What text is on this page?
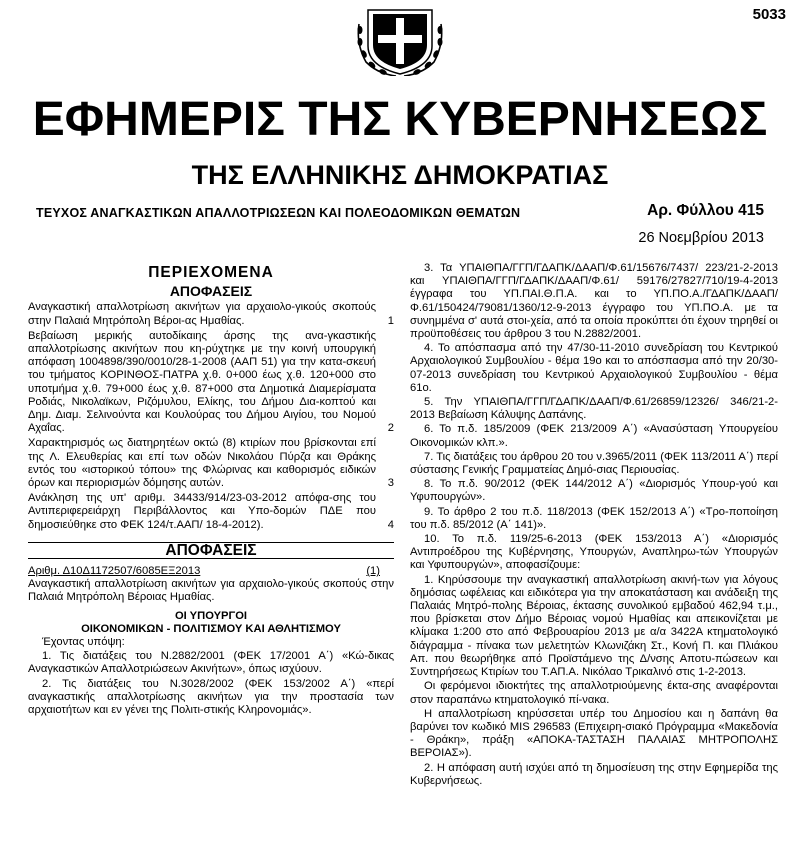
5033
ΕΦΗΜΕΡΙΣ ΤΗΣ ΚΥΒΕΡΝΗΣΕΩΣ
ΤΗΣ ΕΛΛΗΝΙΚΗΣ ΔΗΜΟΚΡΑΤΙΑΣ
ΤΕΥΧΟΣ ΑΝΑΓΚΑΣΤΙΚΩΝ ΑΠΑΛΛΟΤΡΙΩΣΕΩΝ ΚΑΙ ΠΟΛΕΟΔΟΜΙΚΩΝ ΘΕΜΑΤΩΝ	Αρ. Φύλλου 415
26 Νοεμβρίου 2013
ΠΕΡΙΕΧΟΜΕΝΑ
ΑΠΟΦΑΣΕΙΣ
Αναγκαστική απαλλοτρίωση ακινήτων για αρχαιολο-γικούς σκοπούς στην Παλαιά Μητρόπολη Βέροι-ας Ημαθίας.	1
Βεβαίωση μερικής αυτοδίκαιης άρσης της ανα-γκαστικής απαλλοτρίωσης ακινήτων που κη-ρύχτηκε με την κοινή υπουργική απόφαση 1004898/390/0010/28-1-2008 (ΑΑΠ 51) για την κατα-σκευή του τμήματος ΚΟΡΙΝΘΟΣ-ΠΑΤΡΑ χ.θ. 0+000 έως χ.θ. 120+000 στο υποτμήμα χ.θ. 79+000 έως χ.θ. 87+000 στα Δημοτικά Διαμερίσματα Ροδιάς, Νικολαϊκων, Ριζόμυλου, Ελίκης, του Δήμου Δια-κοπτού και Δημ. Διαμ. Σελινούντα και Κουλούρας του Δήμου Αιγίου, του Νομού Αχαΐας.	2
Χαρακτηρισμός ως διατηρητέων οκτώ (8) κτιρίων που βρίσκονται επί της Λ. Ελευθερίας και επί των οδών Νικολάου Πύρζα και Θράκης εντός του «ιστορικού τόπου» της Φλώρινας και καθορισμός ειδικών όρων και περιορισμών δόμησης αυτών.	3
Ανάκληση της υπ' αριθμ. 34433/914/23-03-2012 απόφα-σης του Αντιπεριφερειάρχη Περιβάλλοντος και Υπο-δομών ΠΔΕ που δημοσιεύθηκε στο ΦΕΚ 124/τ.ΑΑΠ/ 18-4-2012).	4
ΑΠΟΦΑΣΕΙΣ
Αριθμ. Δ10Δ1172507/6085ΕΞ2013	(1)

Αναγκαστική απαλλοτρίωση ακινήτων για αρχαιολο-γικούς σκοπούς στην Παλαιά Μητρόπολη Βέροιας Ημαθίας.

ΟΙ ΥΠΟΥΡΓΟΙ
ΟΙΚΟΝΟΜΙΚΩΝ - ΠΟΛΙΤΙΣΜΟΥ ΚΑΙ ΑΘΛΗΤΙΣΜΟΥ

Έχοντας υπόψη:

1. Τις διατάξεις του Ν.2882/2001 (ΦΕΚ 17/2001 Α΄) «Κώ-δικας Αναγκαστικών Απαλλοτριώσεων Ακινήτων», όπως ισχύουν.

2. Τις διατάξεις του Ν.3028/2002 (ΦΕΚ 153/2002 Α΄) «περί αναγκαστικής απαλλοτρίωσης ακινήτων για την προστασία των αρχαιοτήτων και εν γένει της Πολιτι-στικής Κληρονομιάς».

3. Τα ΥΠΑΙΘΠΑ/ΓΓΠ/ΓΔΑΠΚ/ΔΑΑΠ/Φ.61/15676/7437/ 223/21-2-2013 και ΥΠΑΙΘΠΑ/ΓΓΠ/ΓΔΑΠΚ/ΔΑΑΠ/Φ.61/ 59176/27827/710/19-4-2013 έγγραφα του ΥΠ.ΠΑΙ.Θ.Π.Α. και το ΥΠ.ΠΟ.Α./ΓΔΑΠΚ/ΔΑΑΠ/Φ.61/150424/79081/1360/12-9-2013 έγγραφο του ΥΠ.ΠΟ.Α. με τα συνημμένα σ' αυτά στοι-χεία, από τα οποία προκύπτει ότι έχουν τηρηθεί οι προϋποθέσεις του άρθρου 3 του Ν.2882/2001.

4. Το απόσπασμα από την 47/30-11-2010 συνεδρίαση του Κεντρικού Αρχαιολογικού Συμβουλίου - θέμα 19ο και το απόσπασμα από την 20/30-07-2013 συνεδρίαση του Κεντρικού Αρχαιολογικού Συμβουλίου - θέμα 61ο.

5. Την ΥΠΑΙΘΠΑ/ΓΓΠ/ΓΔΑΠΚ/ΔΑΑΠ/Φ.61/26859/12326/ 346/21-2-2013 Βεβαίωση Κάλυψης Δαπάνης.

6. Το π.δ. 185/2009 (ΦΕΚ 213/2009 Α΄) «Ανασύσταση Υπουργείου Οικονομικών κλπ.».

7. Τις διατάξεις του άρθρου 20 του ν.3965/2011 (ΦΕΚ 113/2011 Α΄) περί σύστασης Γενικής Γραμματείας Δημό-σιας Περιουσίας.

8. Το π.δ. 90/2012 (ΦΕΚ 144/2012 Α΄) «Διορισμός Υπουρ-γού και Υφυπουργών».

9. Το άρθρο 2 του π.δ. 118/2013 (ΦΕΚ 152/2013 Α΄) «Τρο-ποποίηση του π.δ. 85/2012 (Α΄ 141)».

10. Το π.δ. 119/25-6-2013 (ΦΕΚ 153/2013 Α΄) «Διορισμός Αντιπροέδρου της Κυβέρνησης, Υπουργών, Αναπληρω-τών Υπουργών και Υφυπουργών», αποφασίζουμε:

1. Κηρύσσουμε την αναγκαστική απαλλοτρίωση ακινή-των για λόγους δημόσιας ωφέλειας και ειδικότερα για την αποκατάσταση και ανάδειξη της Παλαιάς Μητρό-πολης Βέροιας, έκτασης συνολικού εμβαδού 462,94 τ.μ., που βρίσκεται στον Δήμο Βέροιας νομού Ημαθίας και απεικονίζεται με κλίμακα 1:200 στο από Φεβρουαρίου 2013 με α/α 3422Α κτηματολογικό διάγραμμα - πίνακα των μελετητών Κλωνιζάκη Στ., Κονή Π. και Πλιάκου Απ. που θεωρήθηκε από Προϊστάμενο της Δ/νσης Αποτυ-πώσεων και Συντηρήσεως Κτιρίων του Τ.ΑΠ.Α. Νικόλαο Τρικαλινό στις 1-2-2013.

Οι φερόμενοι ιδιοκτήτες της απαλλοτριούμενης έκτα-σης αναφέρονται στον παραπάνω κτηματολογικό πί-νακα.

Η απαλλοτρίωση κηρύσσεται υπέρ του Δημοσίου και η δαπάνη θα βαρύνει τον κωδικό MIS 296583 (Επιχειρη-σιακό Πρόγραμμα «Μακεδονία - Θράκη», πράξη «ΑΠΟΚΑ-ΤΑΣΤΑΣΗ ΠΑΛΑΙΑΣ ΜΗΤΡΟΠΟΛΗΣ ΒΕΡΟΙΑΣ»).

2. Η απόφαση αυτή ισχύει από τη δημοσίευση της στην Εφημερίδα της Κυβερνήσεως.
